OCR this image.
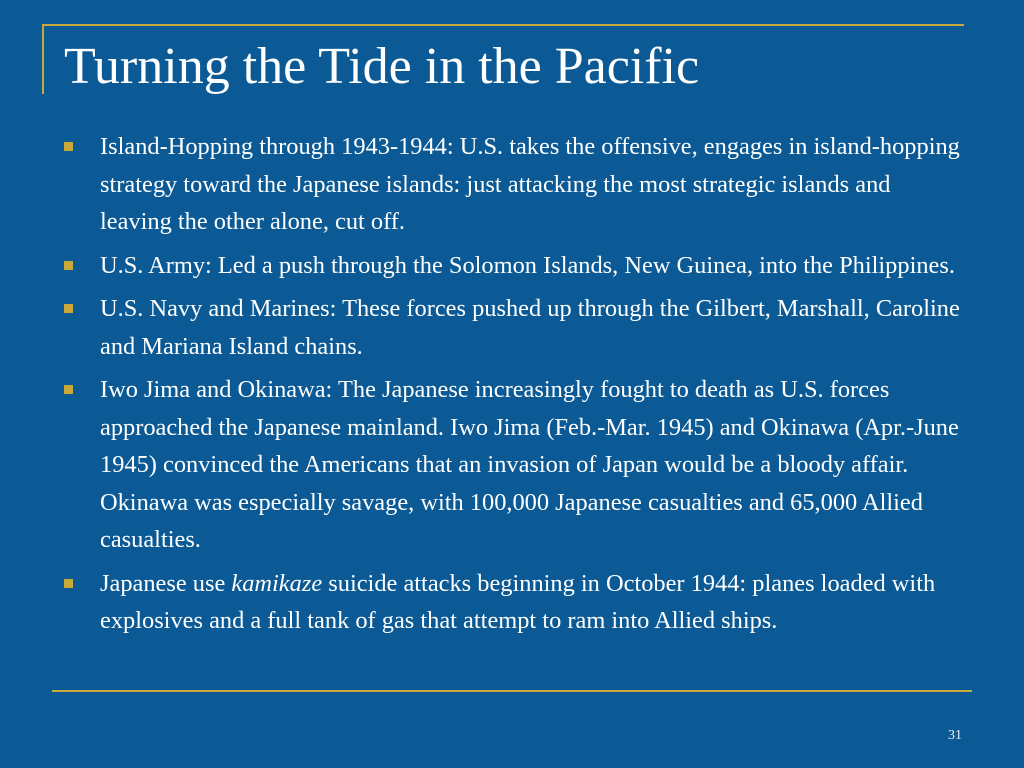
Turning the Tide in the Pacific
Island-Hopping through 1943-1944: U.S. takes the offensive, engages in island-hopping strategy toward the Japanese islands: just attacking the most strategic islands and leaving the other alone, cut off.
U.S. Army: Led a push through the Solomon Islands, New Guinea, into the Philippines.
U.S. Navy and Marines: These forces pushed up through the Gilbert, Marshall, Caroline and Mariana Island chains.
Iwo Jima and Okinawa: The Japanese increasingly fought to death as U.S. forces approached the Japanese mainland. Iwo Jima (Feb.-Mar. 1945) and Okinawa (Apr.-June 1945) convinced the Americans that an invasion of Japan would be a bloody affair. Okinawa was especially savage, with 100,000 Japanese casualties and 65,000 Allied casualties.
Japanese use kamikaze suicide attacks beginning in October 1944: planes loaded with explosives and a full tank of gas that attempt to ram into Allied ships.
31
